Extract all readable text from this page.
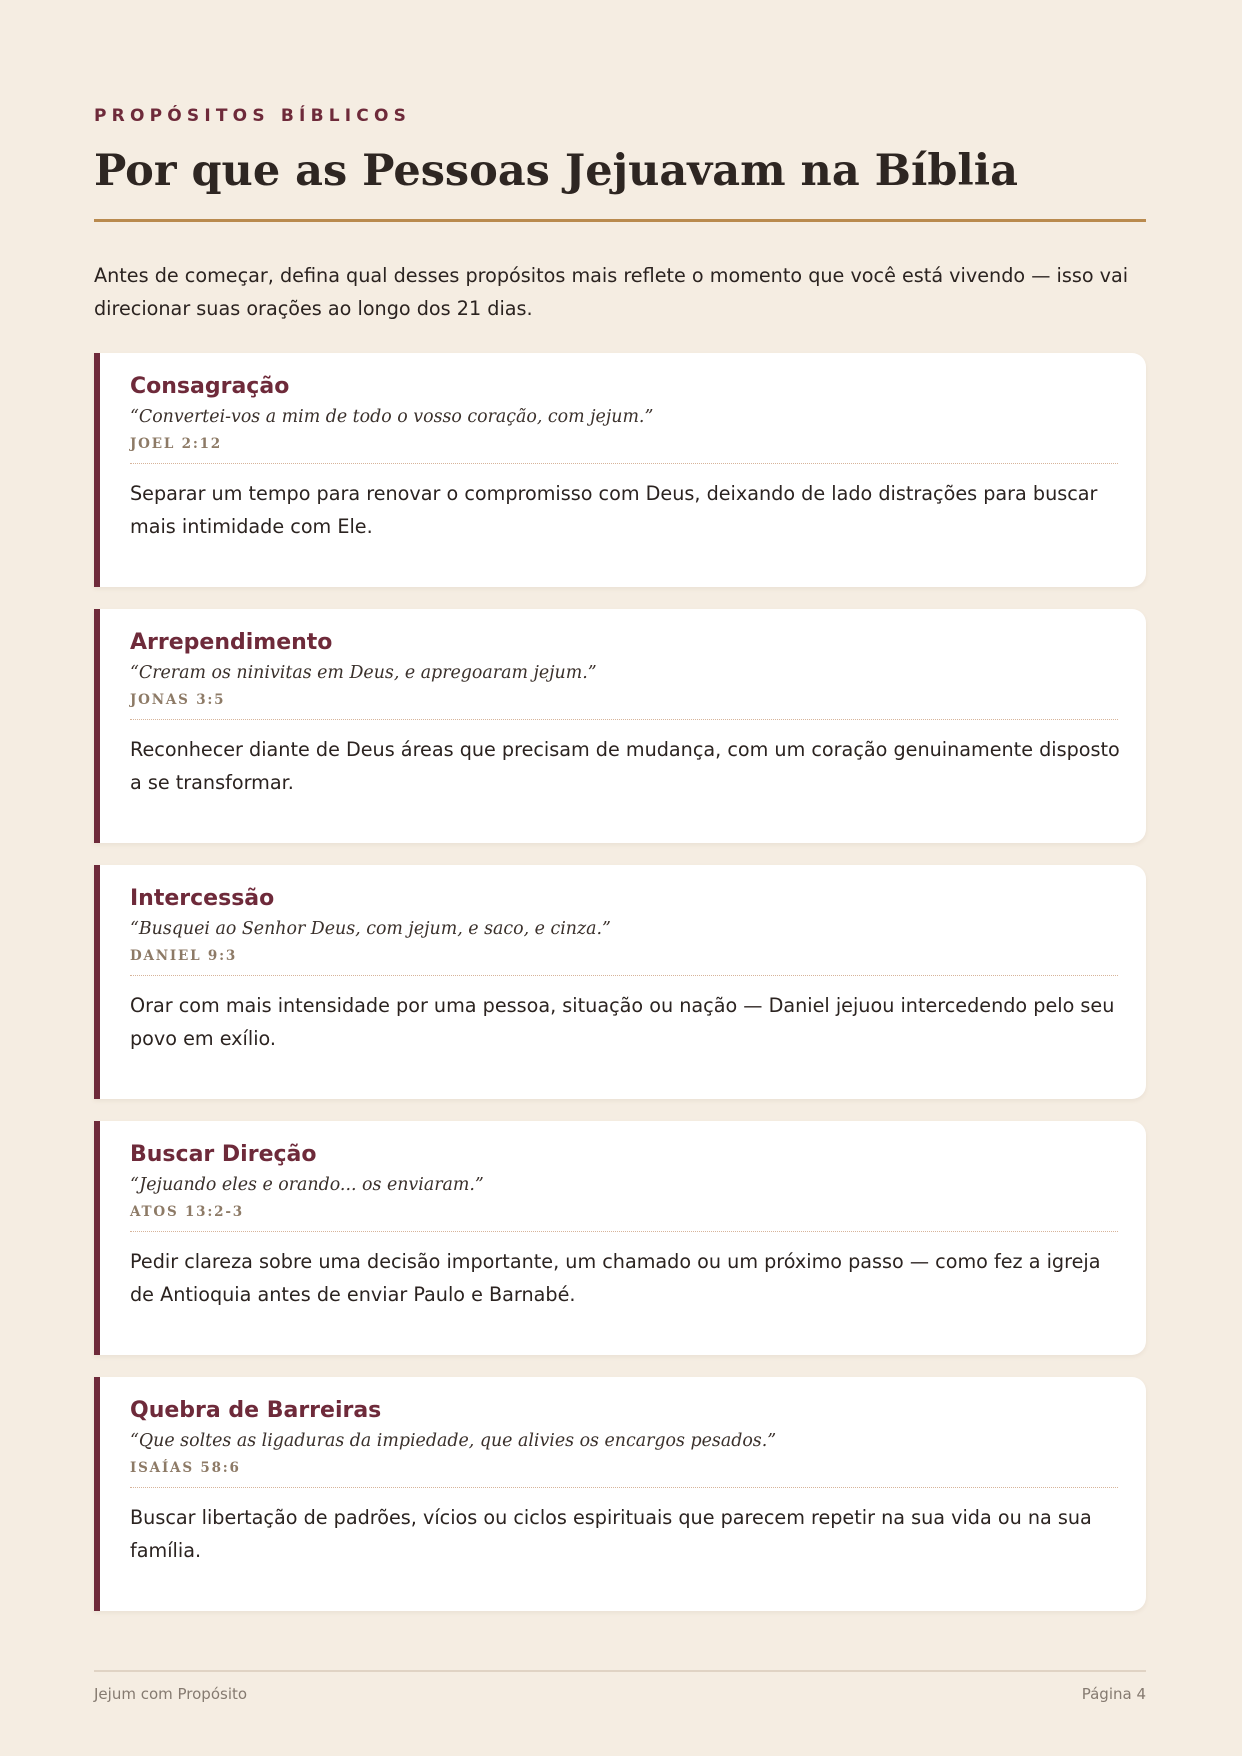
PROPÓSITOS BÍBLICOS
Por que as Pessoas Jejuavam na Bíblia

Antes de começar, defina qual desses propósitos mais reflete o momento que você está vivendo — isso vai direcionar suas orações ao longo dos 21 dias.

Consagração

“Convertei-vos a mim de todo o vosso coração, com jejum.”

JOEL 2:12

Separar um tempo para renovar o compromisso com Deus, deixando de lado distrações para buscar mais intimidade com Ele.

Arrependimento

“Creram os ninivitas em Deus, e apregoaram jejum.”

JONAS 3:5

Reconhecer diante de Deus áreas que precisam de mudança, com um coração genuinamente disposto a se transformar.

Intercessão

“Busquei ao Senhor Deus, com jejum, e saco, e cinza.”

DANIEL 9:3

Orar com mais intensidade por uma pessoa, situação ou nação — Daniel jejuou intercedendo pelo seu povo em exílio.

Buscar Direção

“Jejuando eles e orando... os enviaram.”

ATOS 13:2-3

Pedir clareza sobre uma decisão importante, um chamado ou um próximo passo — como fez a igreja de Antioquia antes de enviar Paulo e Barnabé.

Quebra de Barreiras

“Que soltes as ligaduras da impiedade, que alivies os encargos pesados.”

ISAÍAS 58:6

Buscar libertação de padrões, vícios ou ciclos espirituais que parecem repetir na sua vida ou na sua família.

Jejum com Propósito	Página 4
